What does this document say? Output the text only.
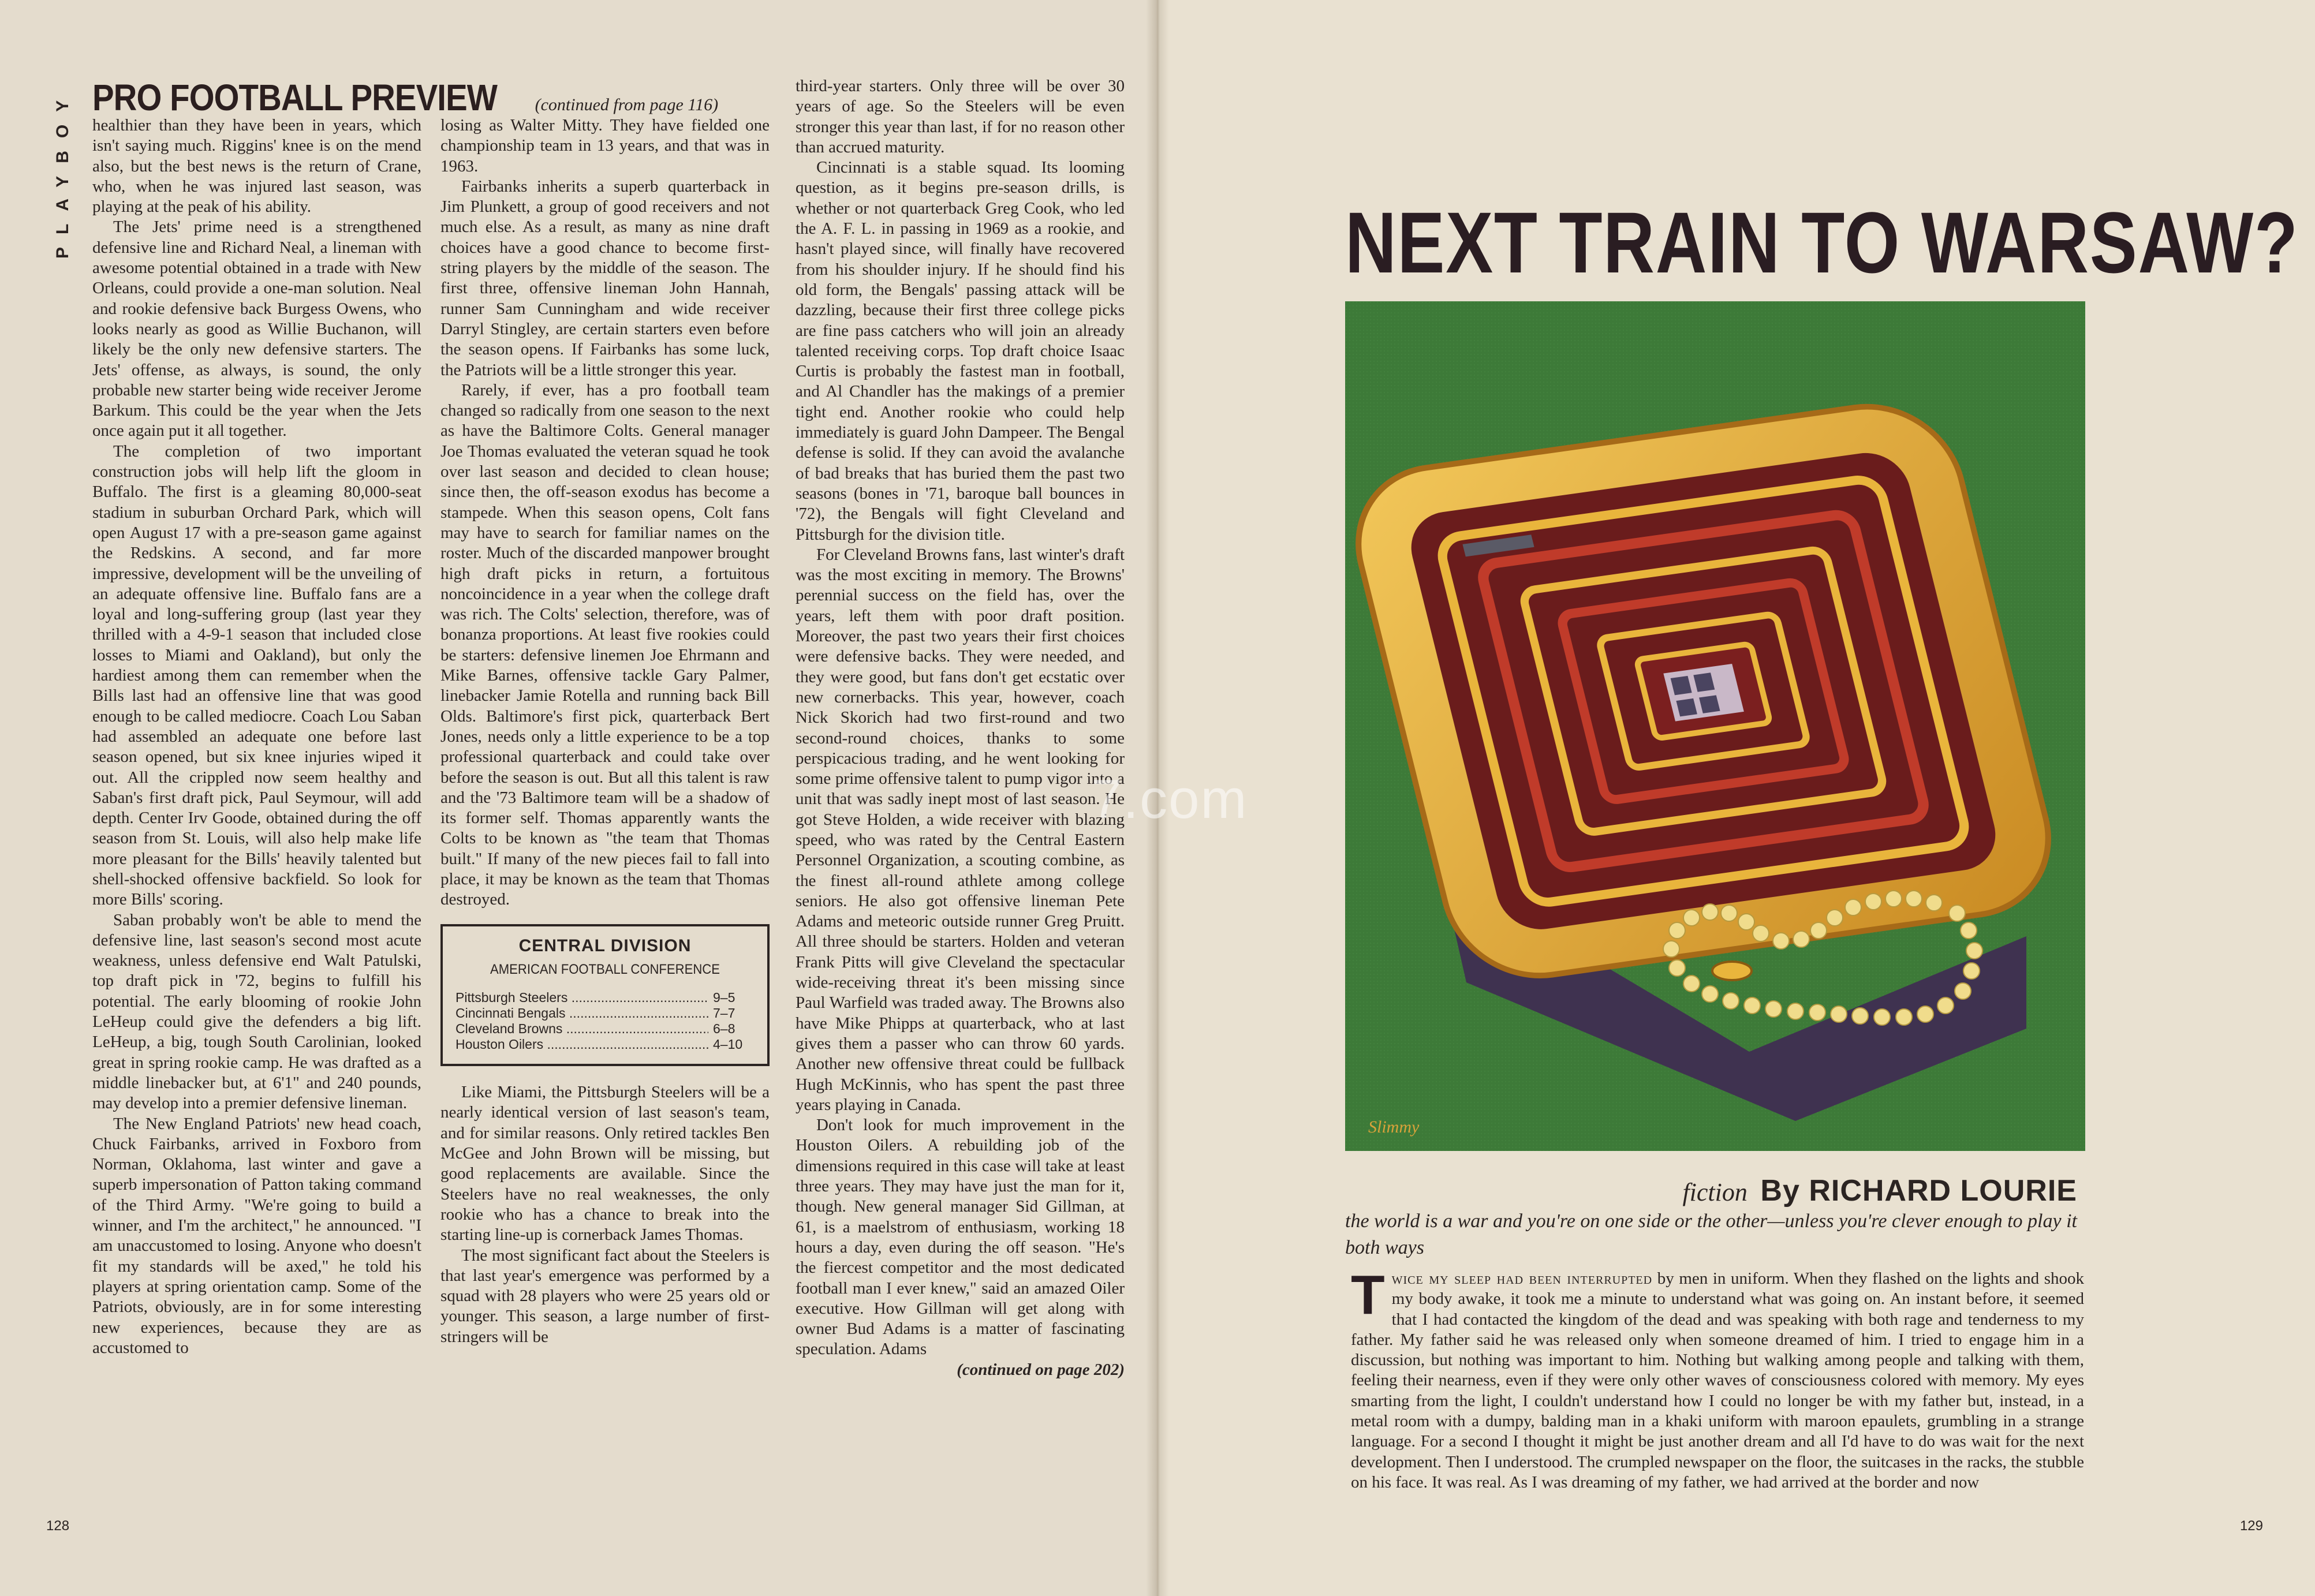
PLAYBOY PRO FOOTBALL PREVIEW (continued from page 116)

healthier than they have been in years, which isn't saying much. Riggins' knee is on the mend also, but the best news is the return of Crane, who, when he was injured last season, was playing at the peak of his ability.

The Jets' prime need is a strengthened defensive line and Richard Neal, a lineman with awesome potential obtained in a trade with New Orleans, could provide a one-man solution. Neal and rookie defensive back Burgess Owens, who looks nearly as good as Willie Buchanon, will likely be the only new defensive starters. The Jets' offense, as always, is sound, the only probable new starter being wide receiver Jerome Barkum. This could be the year when the Jets once again put it all together.

The completion of two important construction jobs will help lift the gloom in Buffalo. The first is a gleaming 80,000-seat stadium in suburban Orchard Park, which will open August 17 with a pre-season game against the Redskins. A second, and far more impressive, development will be the unveiling of an adequate offensive line. Buffalo fans are a loyal and long-suffering group (last year they thrilled with a 4-9-1 season that included close losses to Miami and Oakland), but only the hardiest among them can remember when the Bills last had an offensive line that was good enough to be called mediocre. Coach Lou Saban had assembled an adequate one before last season opened, but six knee injuries wiped it out. All the crippled now seem healthy and Saban's first draft pick, Paul Seymour, will add depth. Center Irv Goode, obtained during the off season from St. Louis, will also help make life more pleasant for the Bills' heavily talented but shell-shocked offensive backfield. So look for more Bills' scoring.

Saban probably won't be able to mend the defensive line, last season's second most acute weakness, unless defensive end Walt Patulski, top draft pick in '72, begins to fulfill his potential. The early blooming of rookie John LeHeup could give the defenders a big lift. LeHeup, a big, tough South Carolinian, looked great in spring rookie camp. He was drafted as a middle linebacker but, at 6'1" and 240 pounds, may develop into a premier defensive lineman.

The New England Patriots' new head coach, Chuck Fairbanks, arrived in Foxboro from Norman, Oklahoma, last winter and gave a superb impersonation of Patton taking command of the Third Army. "We're going to build a winner, and I'm the architect," he announced. "I am unaccustomed to losing. Anyone who doesn't fit my standards will be axed," he told his players at spring orientation camp. Some of the Patriots, obviously, are in for some interesting new experiences, because they are as accustomed to

losing as Walter Mitty. They have fielded one championship team in 13 years, and that was in 1963.

Fairbanks inherits a superb quarterback in Jim Plunkett, a group of good receivers and not much else. As a result, as many as nine draft choices have a good chance to become first-string players by the middle of the season. The first three, offensive lineman John Hannah, runner Sam Cunningham and wide receiver Darryl Stingley, are certain starters even before the season opens. If Fairbanks has some luck, the Patriots will be a little stronger this year.

Rarely, if ever, has a pro football team changed so radically from one season to the next as have the Baltimore Colts. General manager Joe Thomas evaluated the veteran squad he took over last season and decided to clean house; since then, the off-season exodus has become a stampede. When this season opens, Colt fans may have to search for familiar names on the roster. Much of the discarded manpower brought high draft picks in return, a fortuitous noncoincidence in a year when the college draft was rich. The Colts' selection, therefore, was of bonanza proportions. At least five rookies could be starters: defensive linemen Joe Ehrmann and Mike Barnes, offensive tackle Gary Palmer, linebacker Jamie Rotella and running back Bill Olds. Baltimore's first pick, quarterback Bert Jones, needs only a little experience to be a top professional quarterback and could take over before the season is out. But all this talent is raw and the '73 Baltimore team will be a shadow of its former self. Thomas apparently wants the Colts to be known as "the team that Thomas built." If many of the new pieces fail to fall into place, it may be known as the team that Thomas destroyed.

CENTRAL DIVISION
AMERICAN FOOTBALL CONFERENCE
Pittsburgh Steelers .....	9–5
Cincinnati Bengals .....	7–7
Cleveland Browns .....	6–8
Houston Oilers .....	4–10

Like Miami, the Pittsburgh Steelers will be a nearly identical version of last season's team, and for similar reasons. Only retired tackles Ben McGee and John Brown will be missing, but good replacements are available. Since the Steelers have no real weaknesses, the only rookie who has a chance to break into the starting line-up is cornerback James Thomas.

The most significant fact about the Steelers is that last year's emergence was performed by a squad with 28 players who were 25 years old or younger. This season, a large number of first-stringers will be

third-year starters. Only three will be over 30 years of age. So the Steelers will be even stronger this year than last, if for no reason other than accrued maturity.

Cincinnati is a stable squad. Its looming question, as it begins pre-season drills, is whether or not quarterback Greg Cook, who led the A. F. L. in passing in 1969 as a rookie, and hasn't played since, will finally have recovered from his shoulder injury. If he should find his old form, the Bengals' passing attack will be dazzling, because their first three college picks are fine pass catchers who will join an already talented receiving corps. Top draft choice Isaac Curtis is probably the fastest man in football, and Al Chandler has the makings of a premier tight end. Another rookie who could help immediately is guard John Dampeer. The Bengal defense is solid. If they can avoid the avalanche of bad breaks that has buried them the past two seasons (bones in '71, baroque ball bounces in '72), the Bengals will fight Cleveland and Pittsburgh for the division title.

For Cleveland Browns fans, last winter's draft was the most exciting in memory. The Browns' perennial success on the field has, over the years, left them with poor draft position. Moreover, the past two years their first choices were defensive backs. They were needed, and they were good, but fans don't get ecstatic over new cornerbacks. This year, however, coach Nick Skorich had two first-round and two second-round choices, thanks to some perspicacious trading, and he went looking for some prime offensive talent to pump vigor into a unit that was sadly inept most of last season. He got Steve Holden, a wide receiver with blazing speed, who was rated by the Central Eastern Personnel Organization, a scouting combine, as the finest all-round athlete among college seniors. He also got offensive lineman Pete Adams and meteoric outside runner Greg Pruitt. All three should be starters. Holden and veteran Frank Pitts will give Cleveland the spectacular wide-receiving threat it's been missing since Paul Warfield was traded away. The Browns also have Mike Phipps at quarterback, who at last gives them a passer who can throw 60 yards. Another new offensive threat could be fullback Hugh McKinnis, who has spent the past three years playing in Canada.

Don't look for much improvement in the Houston Oilers. A rebuilding job of the dimensions required in this case will take at least three years. They may have just the man for it, though. New general manager Sid Gillman, at 61, is a maelstrom of enthusiasm, working 18 hours a day, even during the off season. "He's the fiercest competitor and the most dedicated football man I ever knew," said an amazed Oiler executive. How Gillman will get along with owner Bud Adams is a matter of fascinating speculation. Adams

(continued on page 202)

128
NEXT TRAIN TO WARSAW?
Slimmy
fiction By RICHARD LOURIE
the world is a war and you're on one side or the other—unless you're clever enough to play it both ways
Twice my sleep had been interrupted by men in uniform. When they flashed on the lights and shook my body awake, it took me a minute to understand what was going on. An instant before, it seemed that I had contacted the kingdom of the dead and was speaking with both rage and tenderness to my father. My father said he was released only when someone dreamed of him. I tried to engage him in a discussion, but nothing was important to him. Nothing but walking among people and talking with them, feeling their nearness, even if they were only other waves of consciousness colored with memory. My eyes smarting from the light, I couldn't understand how I could no longer be with my father but, instead, in a metal room with a dumpy, balding man in a khaki uniform with maroon epaulets, grumbling in a strange language. For a second I thought it might be just another dream and all I'd have to do was wait for the next development. Then I understood. The crumpled newspaper on the floor, the suitcases in the racks, the stubble on his face. It was real. As I was dreaming of my father, we had arrived at the border and now
129
7.com
